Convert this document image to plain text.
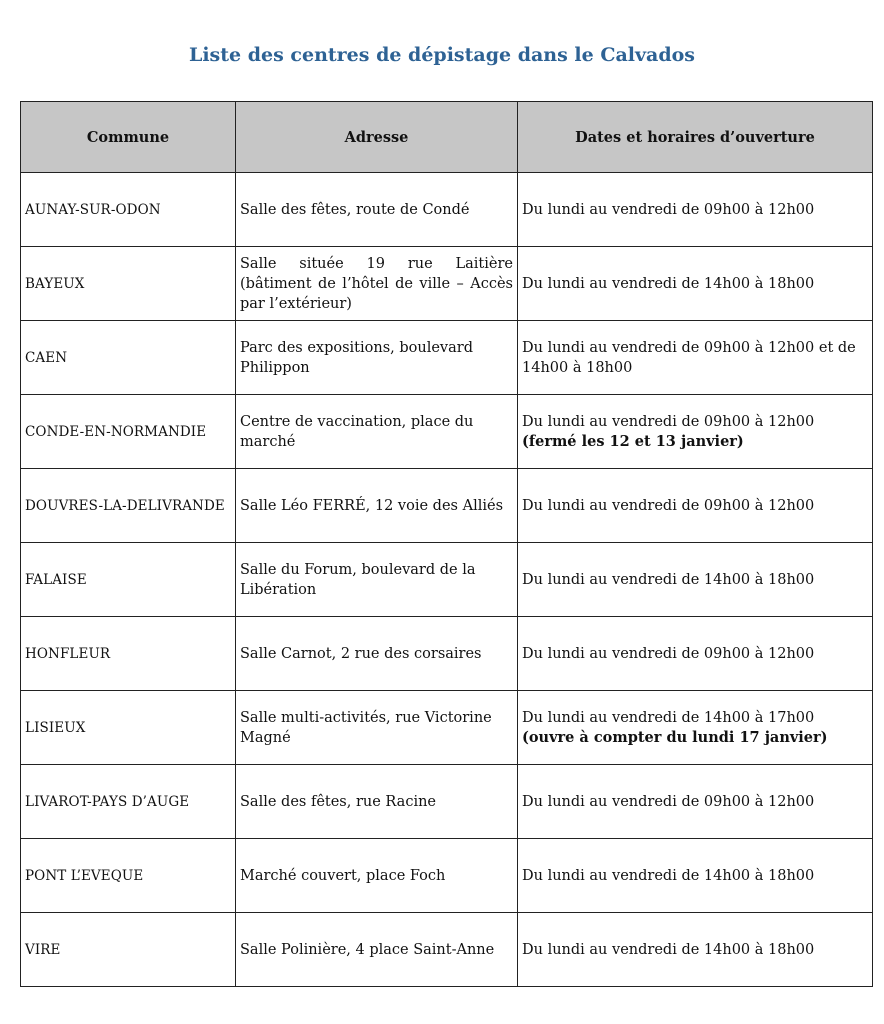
Liste des centres de dépistage dans le Calvados
Commune	Adresse	Dates et horaires d’ouverture
AUNAY-SUR-ODON	Salle des fêtes, route de Condé	Du lundi au vendredi de 09h00 à 12h00
BAYEUX	Salle située 19 rue Laitière (bâtiment de l’hôtel de ville – Accès par l’extérieur)	Du lundi au vendredi de 14h00 à 18h00
CAEN	Parc des expositions, boulevard Philippon	Du lundi au vendredi de 09h00 à 12h00 et de 14h00 à 18h00
CONDE-EN-NORMANDIE	Centre de vaccination, place du marché	Du lundi au vendredi de 09h00 à 12h00
(fermé les 12 et 13 janvier)

DOUVRES-LA-DELIVRANDE	Salle Léo FERRÉ, 12 voie des Alliés	Du lundi au vendredi de 09h00 à 12h00
FALAISE	Salle du Forum, boulevard de la Libération	Du lundi au vendredi de 14h00 à 18h00
HONFLEUR	Salle Carnot, 2 rue des corsaires	Du lundi au vendredi de 09h00 à 12h00
LISIEUX	Salle multi-activités, rue Victorine Magné	Du lundi au vendredi de 14h00 à 17h00
(ouvre à compter du lundi 17 janvier)

LIVAROT-PAYS D’AUGE	Salle des fêtes, rue Racine	Du lundi au vendredi de 09h00 à 12h00
PONT L’EVEQUE	Marché couvert, place Foch	Du lundi au vendredi de 14h00 à 18h00
VIRE	Salle Polinière, 4 place Saint-Anne	Du lundi au vendredi de 14h00 à 18h00
